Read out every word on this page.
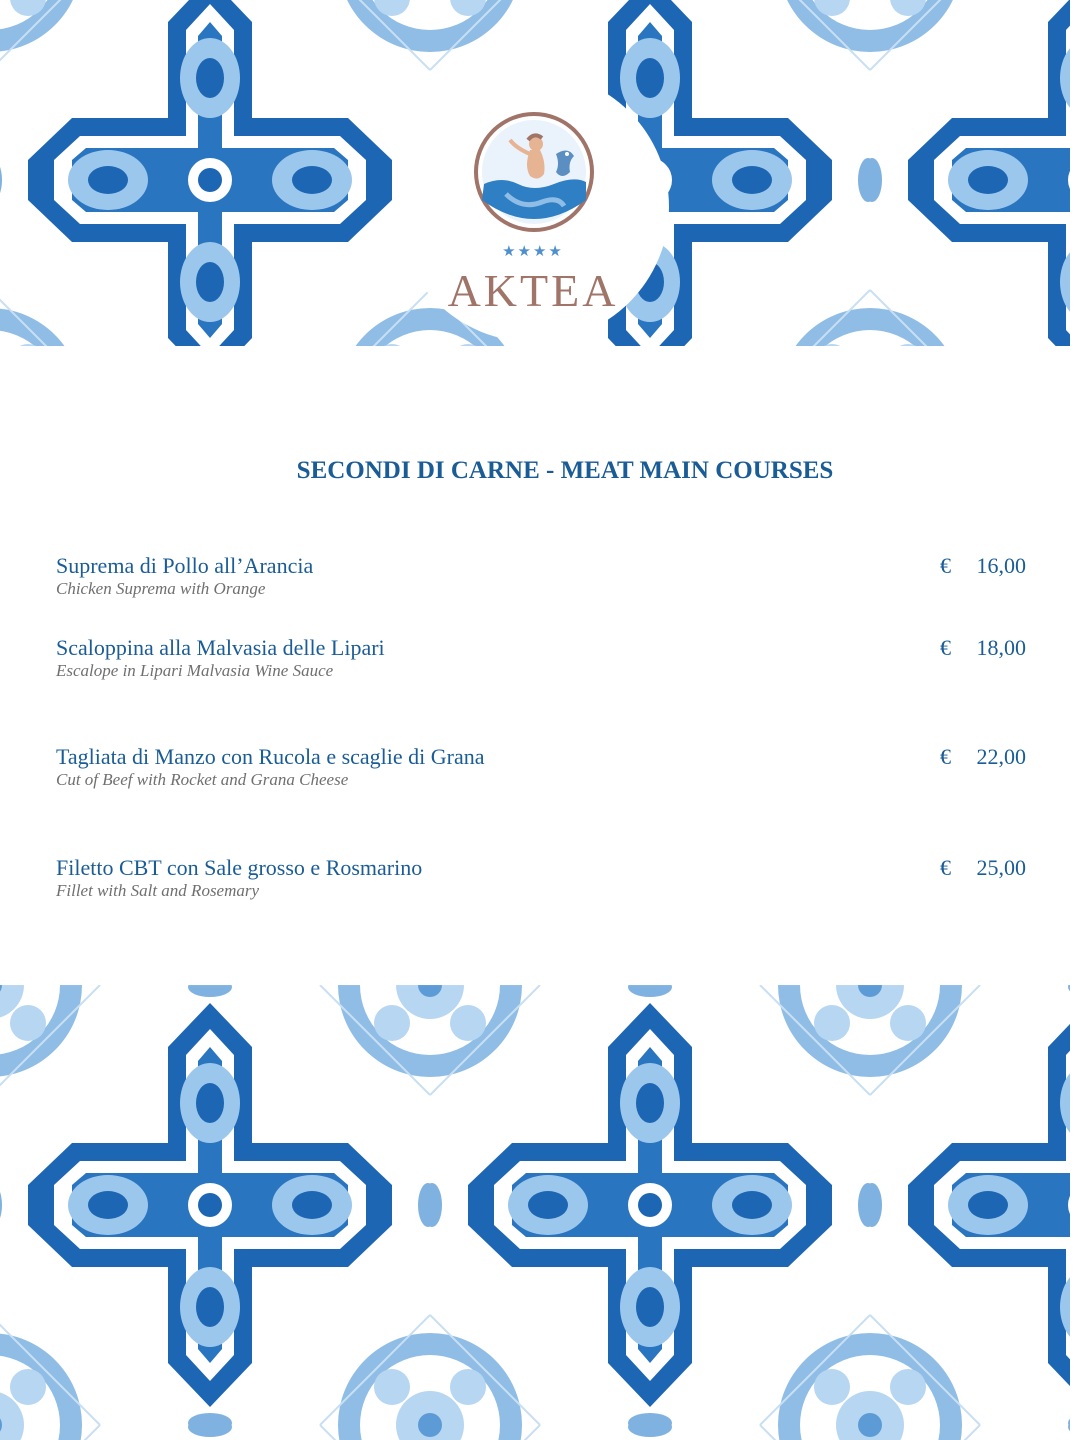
★★★★
AKTEA
SECONDI DI CARNE - MEAT MAIN COURSES
Suprema di Pollo all’Arancia
Chicken Suprema with Orange
€ 16,00
Scaloppina alla Malvasia delle Lipari
Escalope in Lipari Malvasia Wine Sauce
€ 18,00
Tagliata di Manzo con Rucola e scaglie di Grana
Cut of Beef with Rocket and Grana Cheese
€ 22,00
Filetto CBT con Sale grosso e Rosmarino
Fillet with Salt and Rosemary
€ 25,00
